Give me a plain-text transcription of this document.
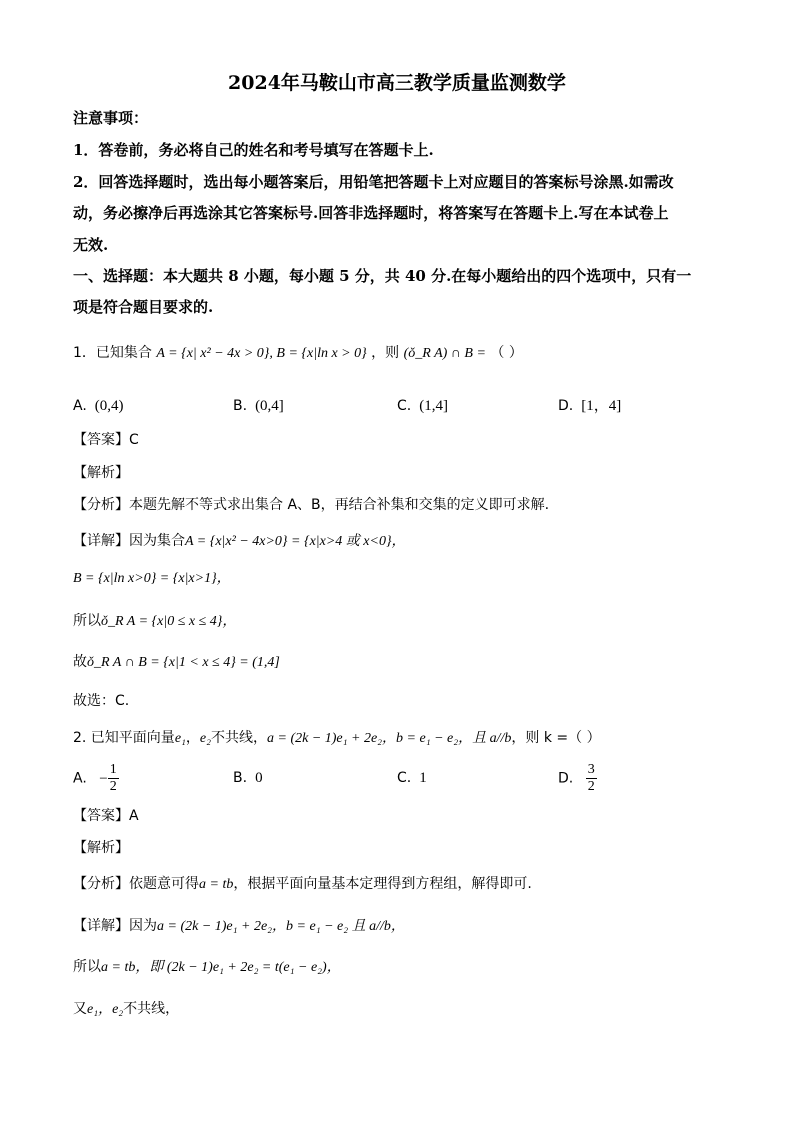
2024年马鞍山市高三教学质量监测数学
注意事项：
1．答卷前，务必将自己的姓名和考号填写在答题卡上.
2．回答选择题时，选出每小题答案后，用铅笔把答题卡上对应题目的答案标号涂黑.如需改
动，务必擦净后再选涂其它答案标号.回答非选择题时，将答案写在答题卡上.写在本试卷上
无效.
一、选择题：本大题共 8 小题，每小题 5 分，共 40 分.在每小题给出的四个选项中，只有一
项是符合题目要求的.
1．已知集合 A = {x| x² − 4x > 0}, B = {x|ln x > 0} ，则 (ǒ_R A) ∩ B = （ ）
A. (0,4)	B. (0,4]	C. (1,4]	D. [1，4]
【答案】C
【解析】
【分析】本题先解不等式求出集合 A、B，再结合补集和交集的定义即可求解.
【详解】因为集合A = {x|x² − 4x>0} = {x|x>4 或 x<0}，
B = {x|ln x>0} = {x|x>1}，
所以ǒ_R A = {x|0 ≤ x ≤ 4}，
故ǒ_R A ∩ B = {x|1 < x ≤ 4} = (1,4]
故选：C.
2. 已知平面向量e₁，e₂不共线，a = (2k − 1)e₁ + 2e₂，b = e₁ − e₂，且 a//b，则 k =（ ）
A. − $\frac{1}{2}$	B. 0	C. 1	D. $\frac{3}{2}$
【答案】A
【解析】
【分析】依题意可得a = tb，根据平面向量基本定理得到方程组，解得即可.
【详解】因为a = (2k − 1)e₁ + 2e₂，b = e₁ − e₂ 且 a//b，
所以a = tb，即 (2k − 1)e₁ + 2e₂ = t(e₁ − e₂)，
又e₁，e₂不共线，
